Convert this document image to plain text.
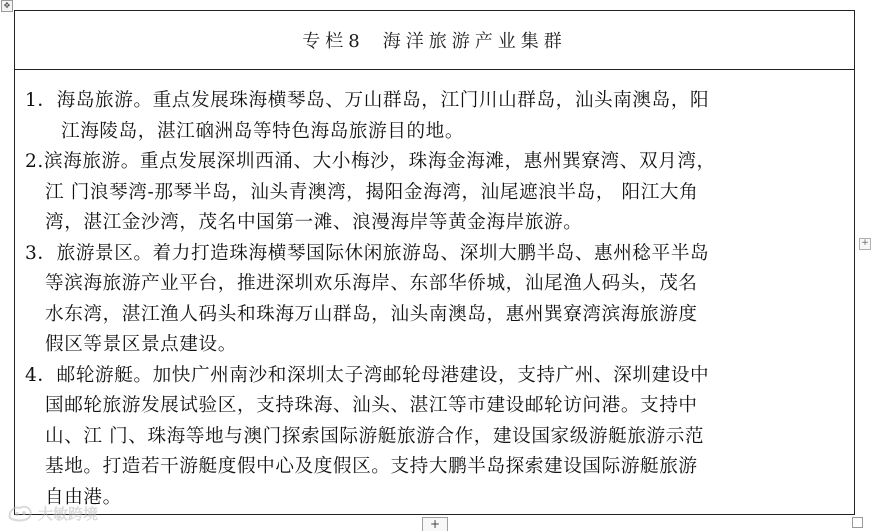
✥
专栏8 海洋旅游产业集群
1．海岛旅游。重点发展珠海横琴岛、万山群岛，江门川山群岛，汕头南澳岛，阳
江海陵岛，湛江硇洲岛等特色海岛旅游目的地。
2.滨海旅游。重点发展深圳西涌、大小梅沙，珠海金海滩，惠州巽寮湾、双月湾，
江 门浪琴湾-那琴半岛，汕头青澳湾，揭阳金海湾，汕尾遮浪半岛， 阳江大角
湾，湛江金沙湾，茂名中国第一滩、浪漫海岸等黄金海岸旅游。
3．旅游景区。着力打造珠海横琴国际休闲旅游岛、深圳大鹏半岛、惠州稔平半岛
等滨海旅游产业平台，推进深圳欢乐海岸、东部华侨城，汕尾渔人码头，茂名
水东湾，湛江渔人码头和珠海万山群岛，汕头南澳岛，惠州巽寮湾滨海旅游度
假区等景区景点建设。
4．邮轮游艇。加快广州南沙和深圳太子湾邮轮母港建设，支持广州、深圳建设中
国邮轮旅游发展试验区，支持珠海、汕头、湛江等市建设邮轮访问港。支持中
山、江 门、珠海等地与澳门探索国际游艇旅游合作，建设国家级游艇旅游示范
基地。打造若干游艇度假中心及度假区。支持大鹏半岛探索建设国际游艇旅游
自由港。
+
+
大敏跨境
